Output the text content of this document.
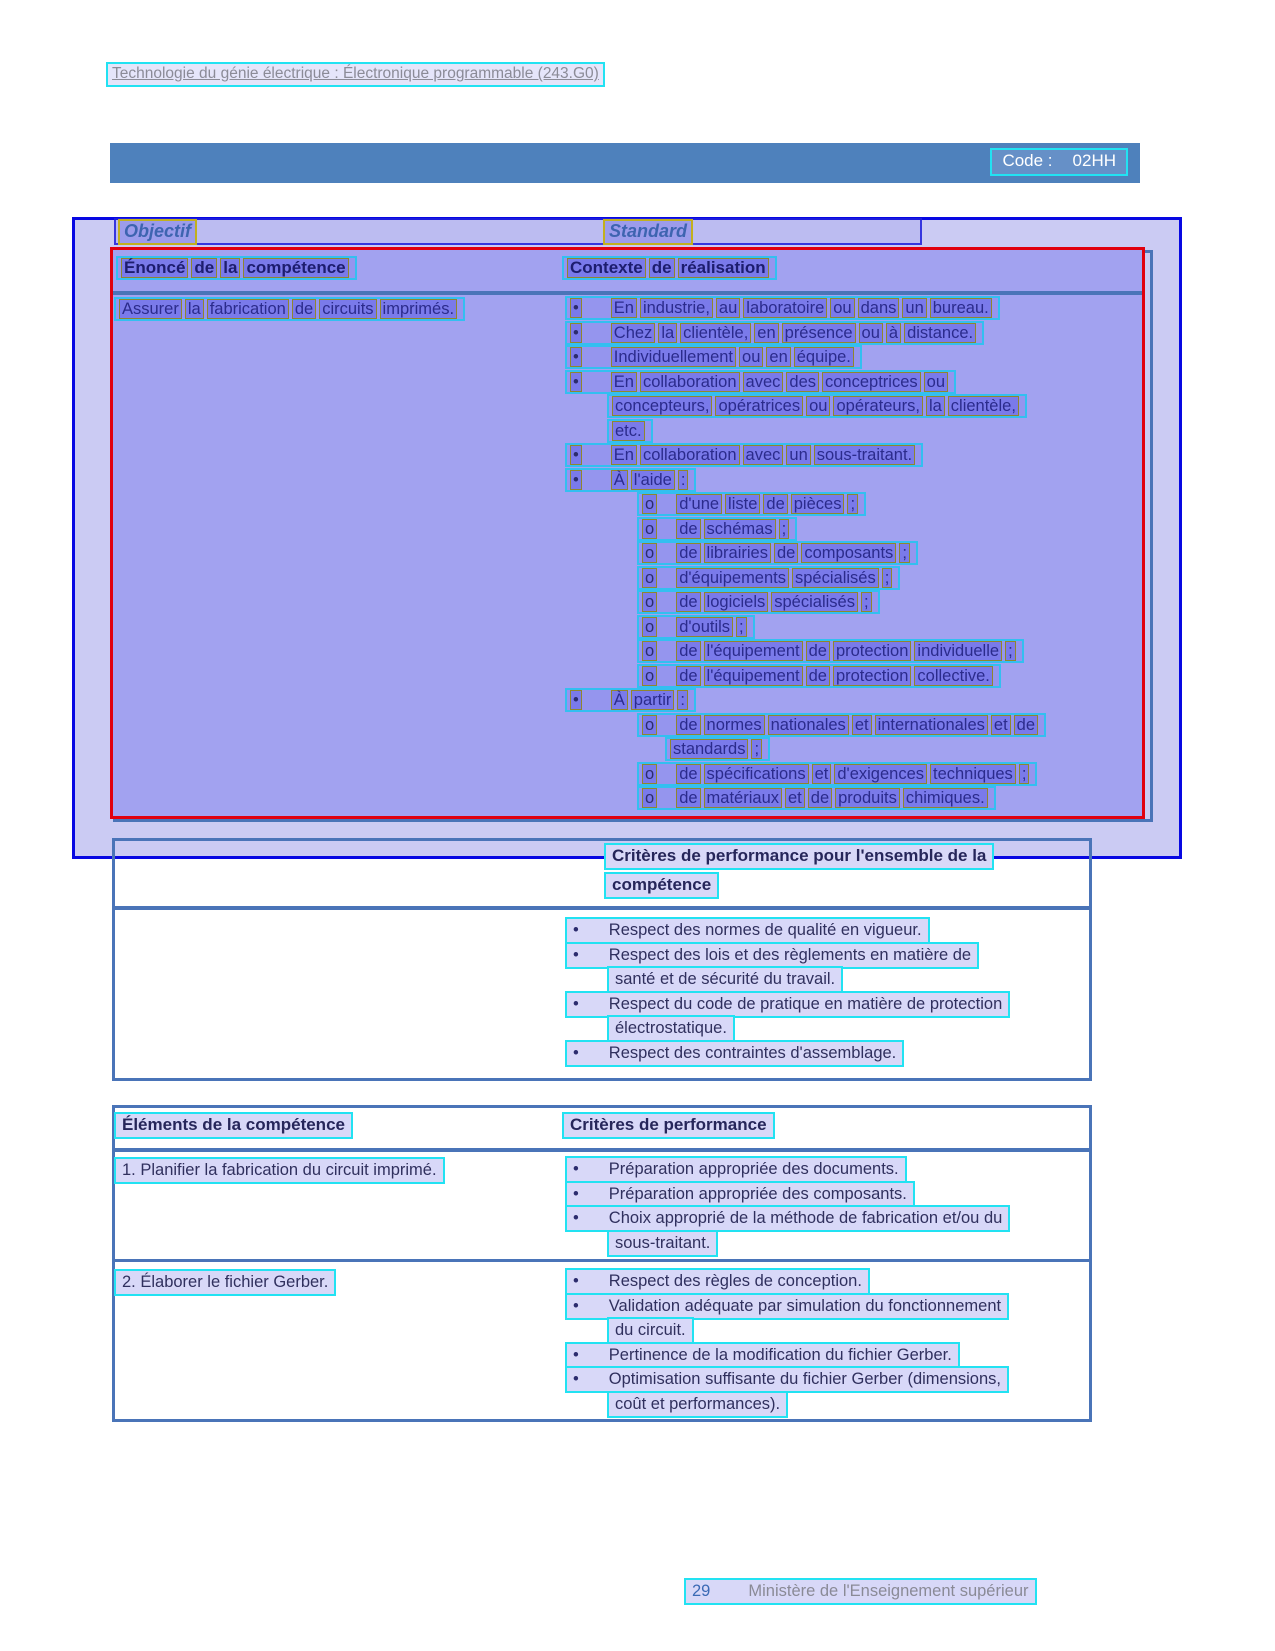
Technologie du génie électrique : Électronique programmable (243.G0)
Code : 02HH
Objectif	Standard
Énoncé de la compétence	Contexte de réalisation
Assurer la fabrication de circuits imprimés.	• En industrie, au laboratoire ou dans un bureau.
• Chez la clientèle, en présence ou à distance.
• Individuellement ou en équipe.
• En collaboration avec des conceptrices ou
concepteurs, opératrices ou opérateurs, la clientèle,
etc.
• En collaboration avec un sous-traitant.
• À l'aide :
o d'une liste de pièces ;
o de schémas ;
o de librairies de composants ;
o d'équipements spécialisés ;
o de logiciels spécialisés ;
o d'outils ;
o de l'équipement de protection individuelle ;
o de l'équipement de protection collective.
• À partir :
o de normes nationales et internationales et de
standards ;
o de spécifications et d'exigences techniques ;
o de matériaux et de produits chimiques.
Critères de performance pour l'ensemble de la
compétence
• Respect des normes de qualité en vigueur.
• Respect des lois et des règlements en matière de
santé et de sécurité du travail.
• Respect du code de pratique en matière de protection
électrostatique.
• Respect des contraintes d'assemblage.
Éléments de la compétence	Critères de performance
1. Planifier la fabrication du circuit imprimé.	• Préparation appropriée des documents.
• Préparation appropriée des composants.
• Choix approprié de la méthode de fabrication et/ou du
sous-traitant.
2. Élaborer le fichier Gerber.	• Respect des règles de conception.
• Validation adéquate par simulation du fonctionnement
du circuit.
• Pertinence de la modification du fichier Gerber.
• Optimisation suffisante du fichier Gerber (dimensions,
coût et performances).
29 Ministère de l'Enseignement supérieur
